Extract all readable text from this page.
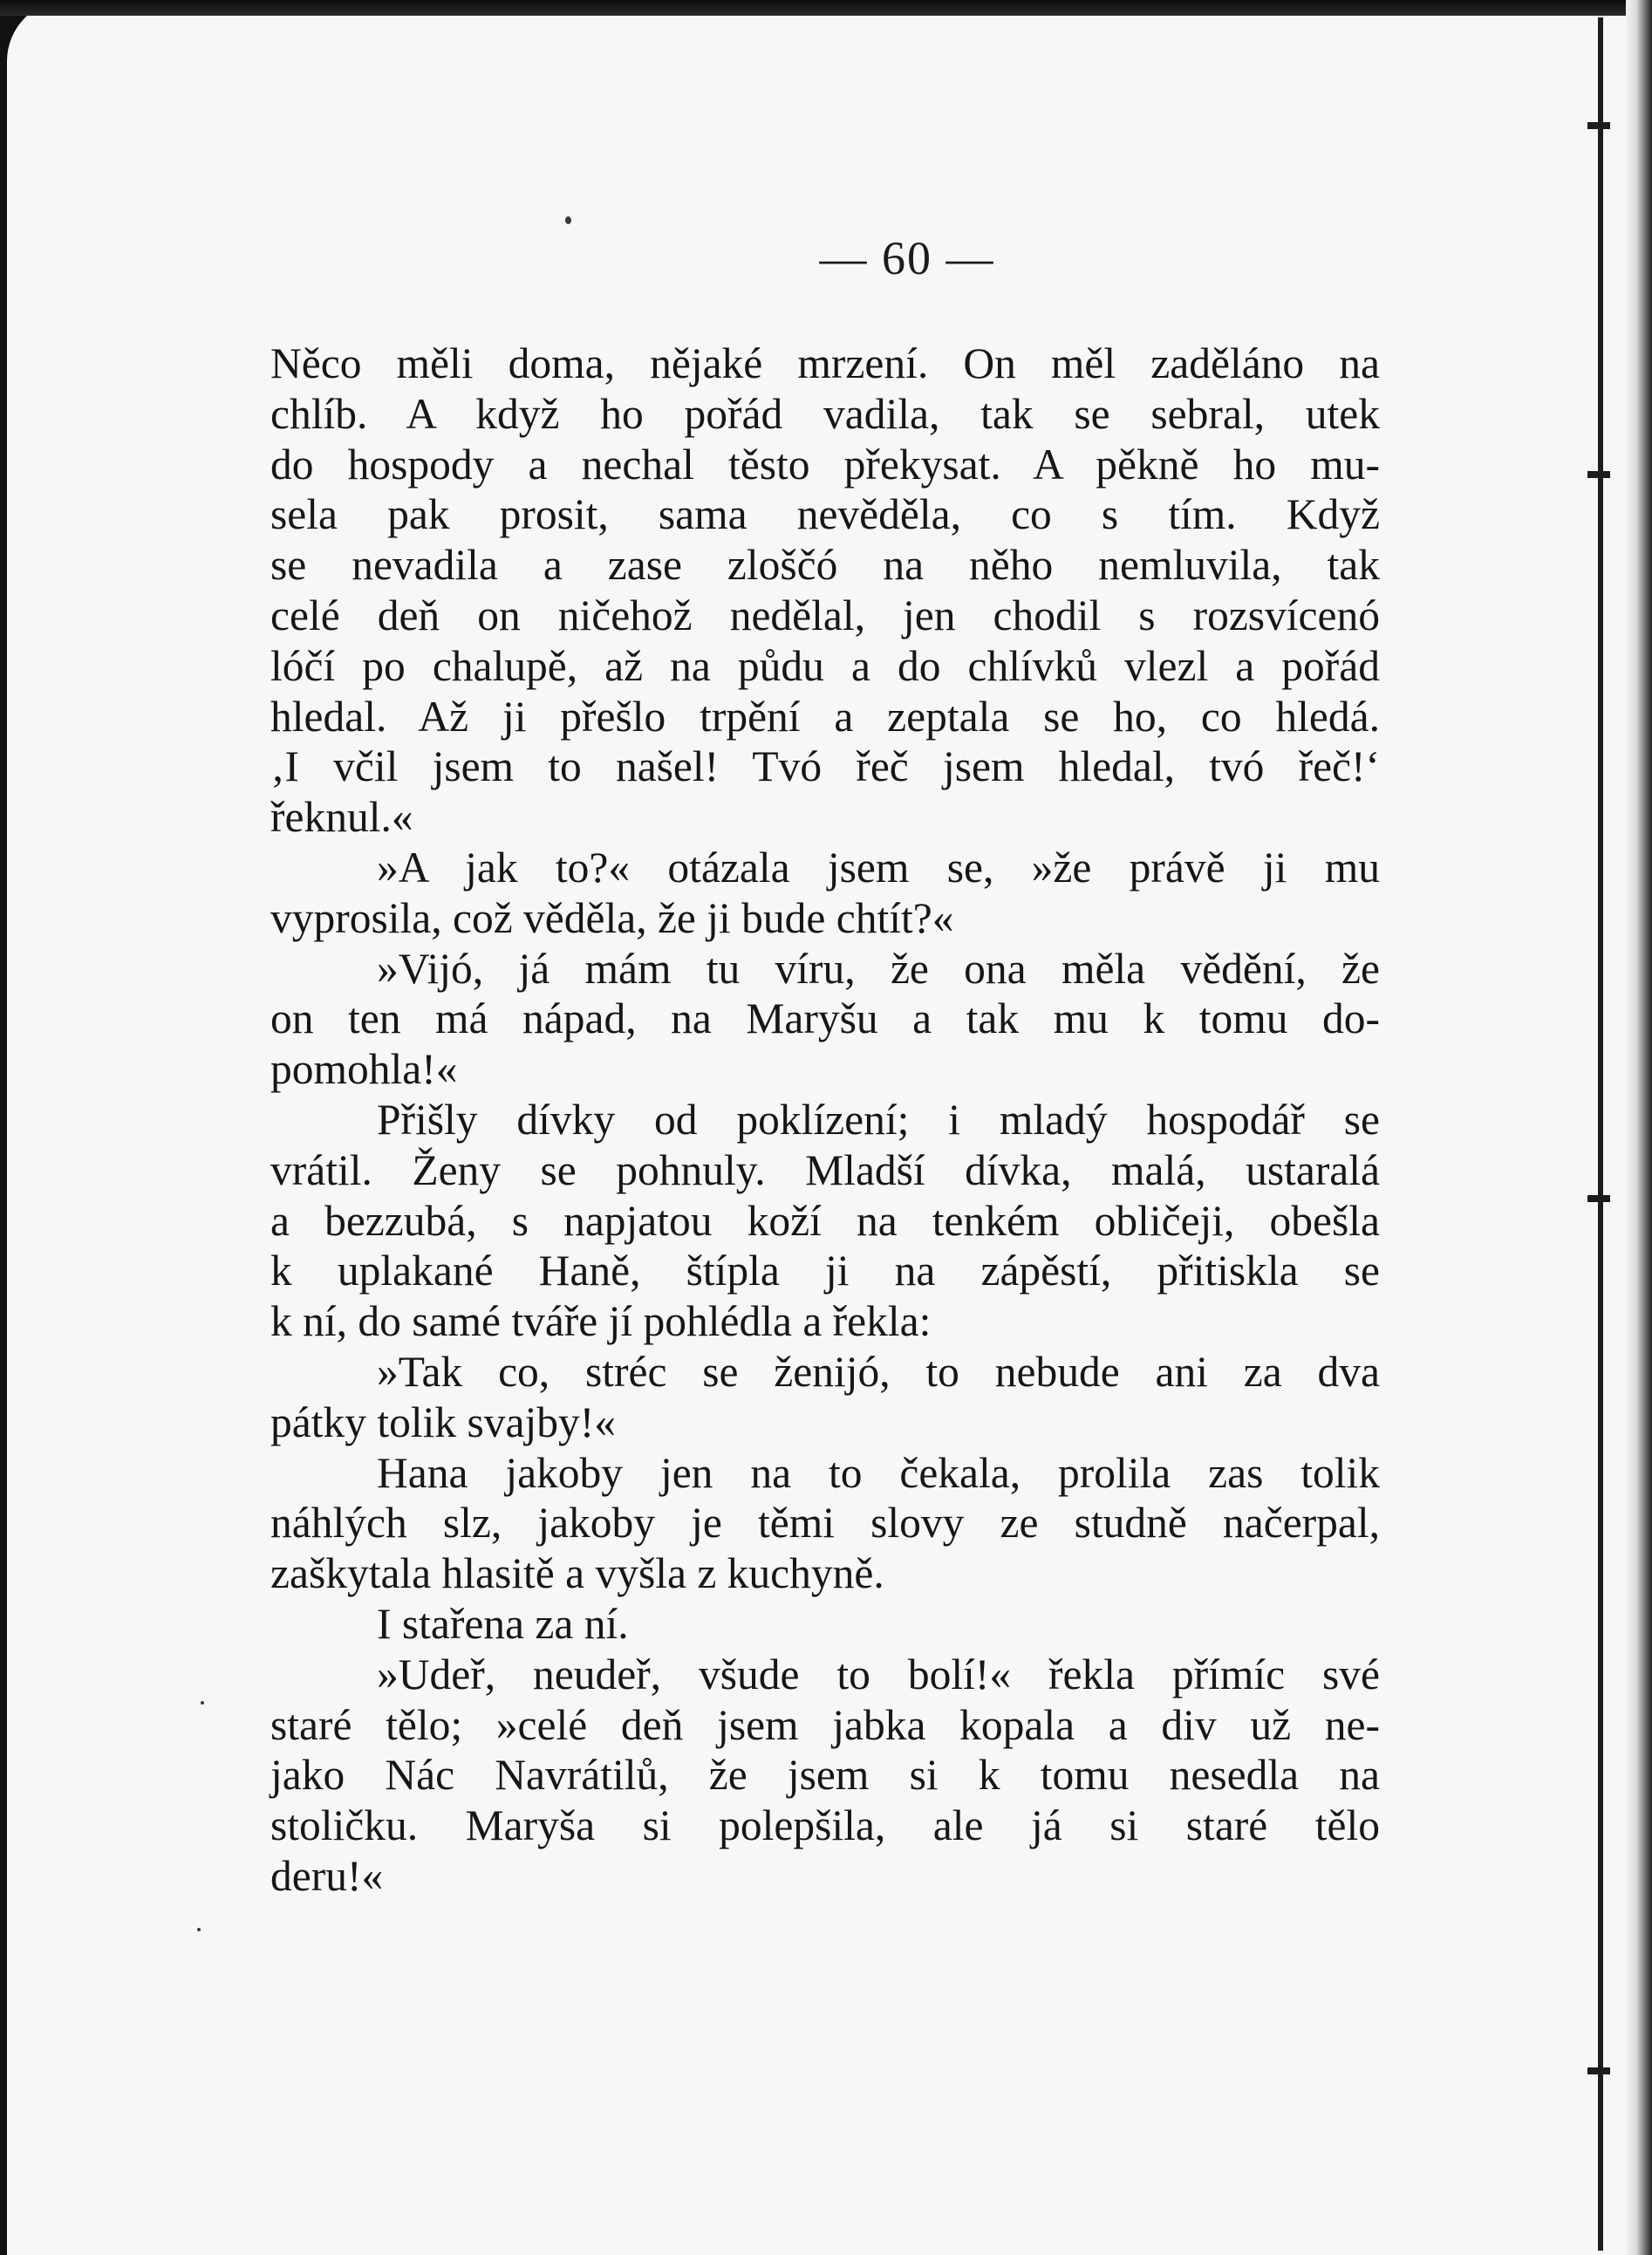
— 60 —

Něco měli doma, nějaké mrzení. On měl zaděláno na
chlíb. A když ho pořád vadila, tak se sebral, utek
do hospody a nechal těsto překysat. A pěkně ho mu-
sela pak prosit, sama nevěděla, co s tím. Když
se nevadila a zase zloščó na něho nemluvila, tak
celé deň on ničehož nedělal, jen chodil s rozsvícenó
lóčí po chalupě, až na půdu a do chlívků vlezl a pořád
hledal. Až ji přešlo trpění a zeptala se ho, co hledá.
‚I včil jsem to našel! Tvó řeč jsem hledal, tvó řeč!‘
řeknul.«

»A jak to?« otázala jsem se, »že právě ji mu
vyprosila, což věděla, že ji bude chtít?«

»Vijó, já mám tu víru, že ona měla vědění, že
on ten má nápad, na Maryšu a tak mu k tomu do-
pomohla!«

Přišly dívky od poklízení; i mladý hospodář se
vrátil. Ženy se pohnuly. Mladší dívka, malá, ustaralá
a bezzubá, s napjatou koží na tenkém obličeji, obešla
k uplakané Haně, štípla ji na zápěstí, přitiskla se
k ní, do samé tváře jí pohlédla a řekla:

»Tak co, stréc se ženijó, to nebude ani za dva
pátky tolik svajby!«

Hana jakoby jen na to čekala, prolila zas tolik
náhlých slz, jakoby je těmi slovy ze studně načerpal,
zaškytala hlasitě a vyšla z kuchyně.

I stařena za ní.

»Udeř, neudeř, všude to bolí!« řekla přímíc své
staré tělo; »celé deň jsem jabka kopala a div už ne-
jako Nác Navrátilů, že jsem si k tomu nesedla na
stoličku. Maryša si polepšila, ale já si staré tělo
deru!«
